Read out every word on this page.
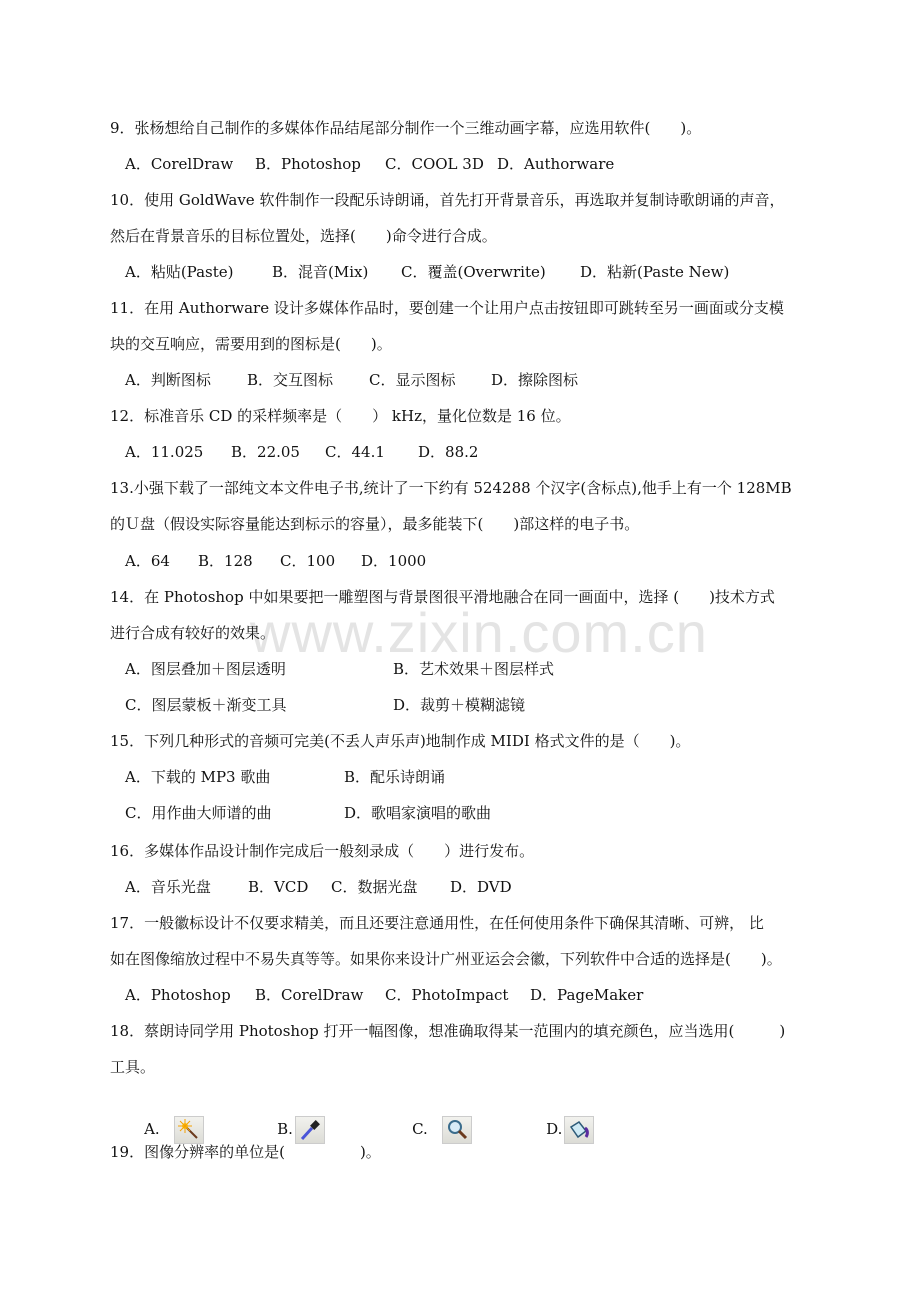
www.zixin.com.cn
9．张杨想给自己制作的多媒体作品结尾部分制作一个三维动画字幕，应选用软件(　　)。
A．CorelDraw B．Photoshop C．COOL 3D D．Authorware
10．使用 GoldWave 软件制作一段配乐诗朗诵，首先打开背景音乐，再选取并复制诗歌朗诵的声音，
然后在背景音乐的目标位置处，选择(　　)命令进行合成。
A．粘贴(Paste)	B．混音(Mix) C．覆盖(Overwrite) D．粘新(Paste New)
11．在用 Authorware 设计多媒体作品时，要创建一个让用户点击按钮即可跳转至另一画面或分支模
块的交互响应，需要用到的图标是(　　)。
A．判断图标 B．交互图标 C．显示图标 D．擦除图标
12．标准音乐 CD 的采样频率是（　　） kHz，量化位数是 16 位。
A．11.025 B．22.05 C．44.1 D．88.2
13.小强下载了一部纯文本文件电子书,统计了一下约有 524288 个汉字(含标点),他手上有一个 128MB
的Ｕ盘（假设实际容量能达到标示的容量），最多能装下(　　)部这样的电子书。
A．64 B．128 C．100 D．1000
14．在 Photoshop 中如果要把一雕塑图与背景图很平滑地融合在同一画面中，选择 (　　)技术方式
进行合成有较好的效果。
A．图层叠加＋图层透明	B．艺术效果＋图层样式
C．图层蒙板＋渐变工具	D．裁剪＋模糊滤镜
15．下列几种形式的音频可完美(不丢人声乐声)地制作成 MIDI 格式文件的是（　　)。
A．下载的 MP3 歌曲	B．配乐诗朗诵
C．用作曲大师谱的曲	D．歌唱家演唱的歌曲
16．多媒体作品设计制作完成后一般刻录成（　　）进行发布。
A．音乐光盘 B．VCD C．数据光盘 D．DVD
17．一般徽标设计不仅要求精美，而且还要注意通用性，在任何使用条件下确保其清晰、可辨， 比
如在图像缩放过程中不易失真等等。如果你来设计广州亚运会会徽，下列软件中合适的选择是(　　)。
A．Photoshop B．CorelDraw C．PhotoImpact D．PageMaker
18．蔡朗诗同学用 Photoshop 打开一幅图像，想准确取得某一范围内的填充颜色，应当选用(　　　)
工具。

A.

	B.

	C.

	D.

19．图像分辨率的单位是(　　　　　)。
